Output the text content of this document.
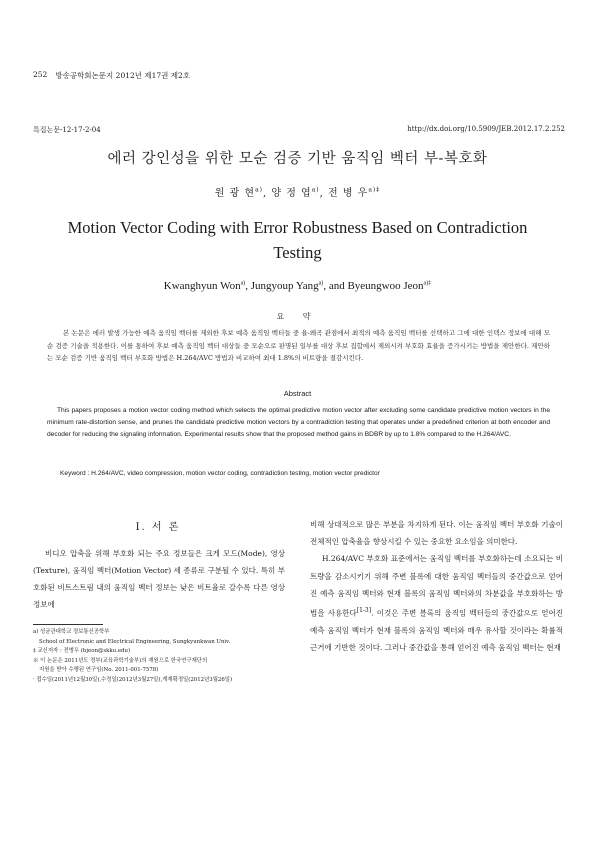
252 방송공학회논문지 2012년 제17권 제2호
특집논문-12-17-2-04	http://dx.doi.org/10.5909/JEB.2012.17.2.252
에러 강인성을 위한 모순 검증 기반 움직임 벡터 부-복호화
원 광 현$^{a)}$, 양 정 엽$^{a)}$, 전 병 우$^{a)\ddagger}$
Motion Vector Coding with Error Robustness Based on Contradiction Testing
Kwanghyun Won$^{a)}$, Jungyoup Yang$^{a)}$, and Byeungwoo Jeon$^{a)\ddagger}$
요 약
본 논문은 에러 발생 가능한 예측 움직임 벡터를 제외한 후보 예측 움직임 벡터들 중 율-왜곡 관점에서 최적의 예측 움직임 벡터를 선택하고 그에 대한 인덱스 정보에 대해 모순 검증 기술을 적용한다. 이를 통하여 후보 예측 움직임 벡터 대상들 중 모순으로 판명된 일부를 대상 후보 집합에서 제외시켜 부호화 효율을 증가시키는 방법을 제안한다. 제안하는 모순 검증 기반 움직임 벡터 부호화 방법은 H.264/AVC 방법과 비교하여 최대 1.8%의 비트량을 절감시킨다.
Abstract
This papers proposes a motion vector coding method which selects the optimal predictive motion vector after excluding some candidate predictive motion vectors in the minimum rate-distortion sense, and prunes the candidate predictive motion vectors by a contradiction testing that operates under a predefined criterion at both encoder and decoder for reducing the signaling information. Experimental results show that the proposed method gains in BDBR by up to 1.8% compared to the H.264/AVC.
Keyword : H.264/AVC, video compression, motion vector coding, contradiction testing, motion vector predictor
Ⅰ. 서 론
비디오 압축을 위해 부호화 되는 주요 정보들은 크게 모드(Mode), 영상(Texture), 움직임 벡터(Motion Vector) 세 종류로 구분될 수 있다. 특히 부호화된 비트스트림 내의 움직임 벡터 정보는 낮은 비트율로 갈수록 다른 영상 정보에

비해 상대적으로 많은 부분을 차지하게 된다. 이는 움직임 벡터 부호화 기술이 전체적인 압축율을 향상시킬 수 있는 중요한 요소임을 의미한다.

H.264/AVC 부호화 표준에서는 움직임 벡터를 부호화하는데 소요되는 비트량을 감소시키기 위해 주변 블록에 대한 움직임 벡터들의 중간값으로 얻어진 예측 움직임 벡터와 현재 블록의 움직임 벡터와의 차분값을 부호화하는 방법을 사용한다[1-3]. 이것은 주변 블록의 움직임 벡터들의 중간값으로 얻어진 예측 움직임 벡터가 현재 블록의 움직임 벡터와 매우 유사할 것이라는 확률적 근거에 기반한 것이다. 그러나 중간값을 통해 얻어진 예측 움직임 벡터는 현재

a) 성균관대학교 정보통신공학부
School of Electronic and Electrical Engineering, Sungkyunkwan Univ.
‡ 교신저자 : 전병우 (bjeon@skku.edu)
※ 이 논문은 2011년도 정부(교육과학기술부)의 재원으로 한국연구재단의
지원을 받아 수행된 연구임(No. 2011-001-7578)
· 접수일(2011년12월30일),수정일(2012년3월27일),게재확정일(2012년3월26일)
